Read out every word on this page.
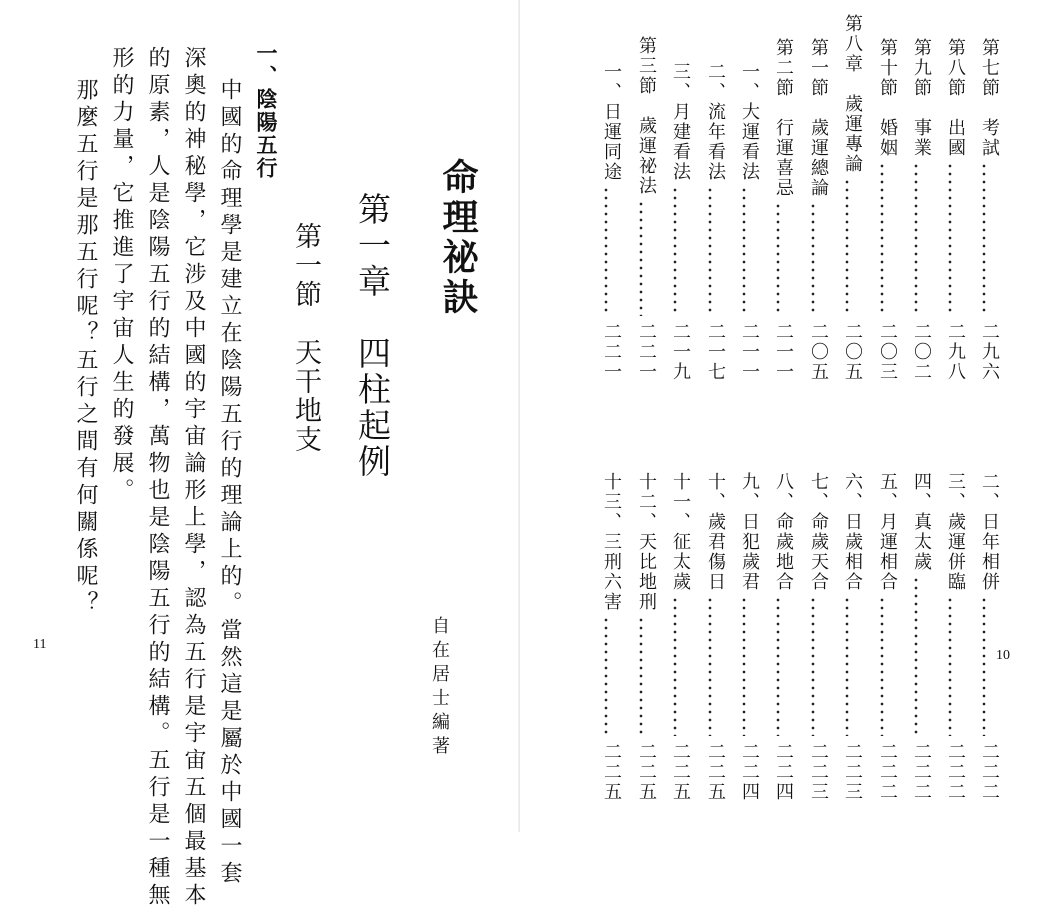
命理祕訣
自在居士編著
第一章　四柱起例
第一節　天干地支
一、陰陽五行
中國的命理學是建立在陰陽五行的理論上的。當然這是屬於中國一套
深奧的神秘學，它涉及中國的宇宙論形上學，認為五行是宇宙五個最基本
的原素，人是陰陽五行的結構，萬物也是陰陽五行的結構。五行是一種無
形的力量，它推進了宇宙人生的發展。
那麼五行是那五行呢？五行之間有何關係呢？
11
10
第七節　考試
二九六
第八節　出國
二九八
第九節　事業
二〇二
第十節　婚姻
二〇三
第八章　歲運專論
二〇五
第一節　歲運總論
二〇五
第二節　行運喜忌
二一一
一、大運看法
二一一
二、流年看法
二一七
三、月建看法
二一九
第三節　歲運祕法
二二一
一、日運同途
二二一
二、日年相併
二二二
三、歲運併臨
二二二
四、真太歲
二二二
五、月運相合
二二二
六、日歲相合
二二三
七、命歲天合
二二三
八、命歲地合
二二四
九、日犯歲君
二二四
十、歲君傷日
二二五
十一、征太歲
二二五
十二、天比地刑
二二五
十三、三刑六害
二二五
